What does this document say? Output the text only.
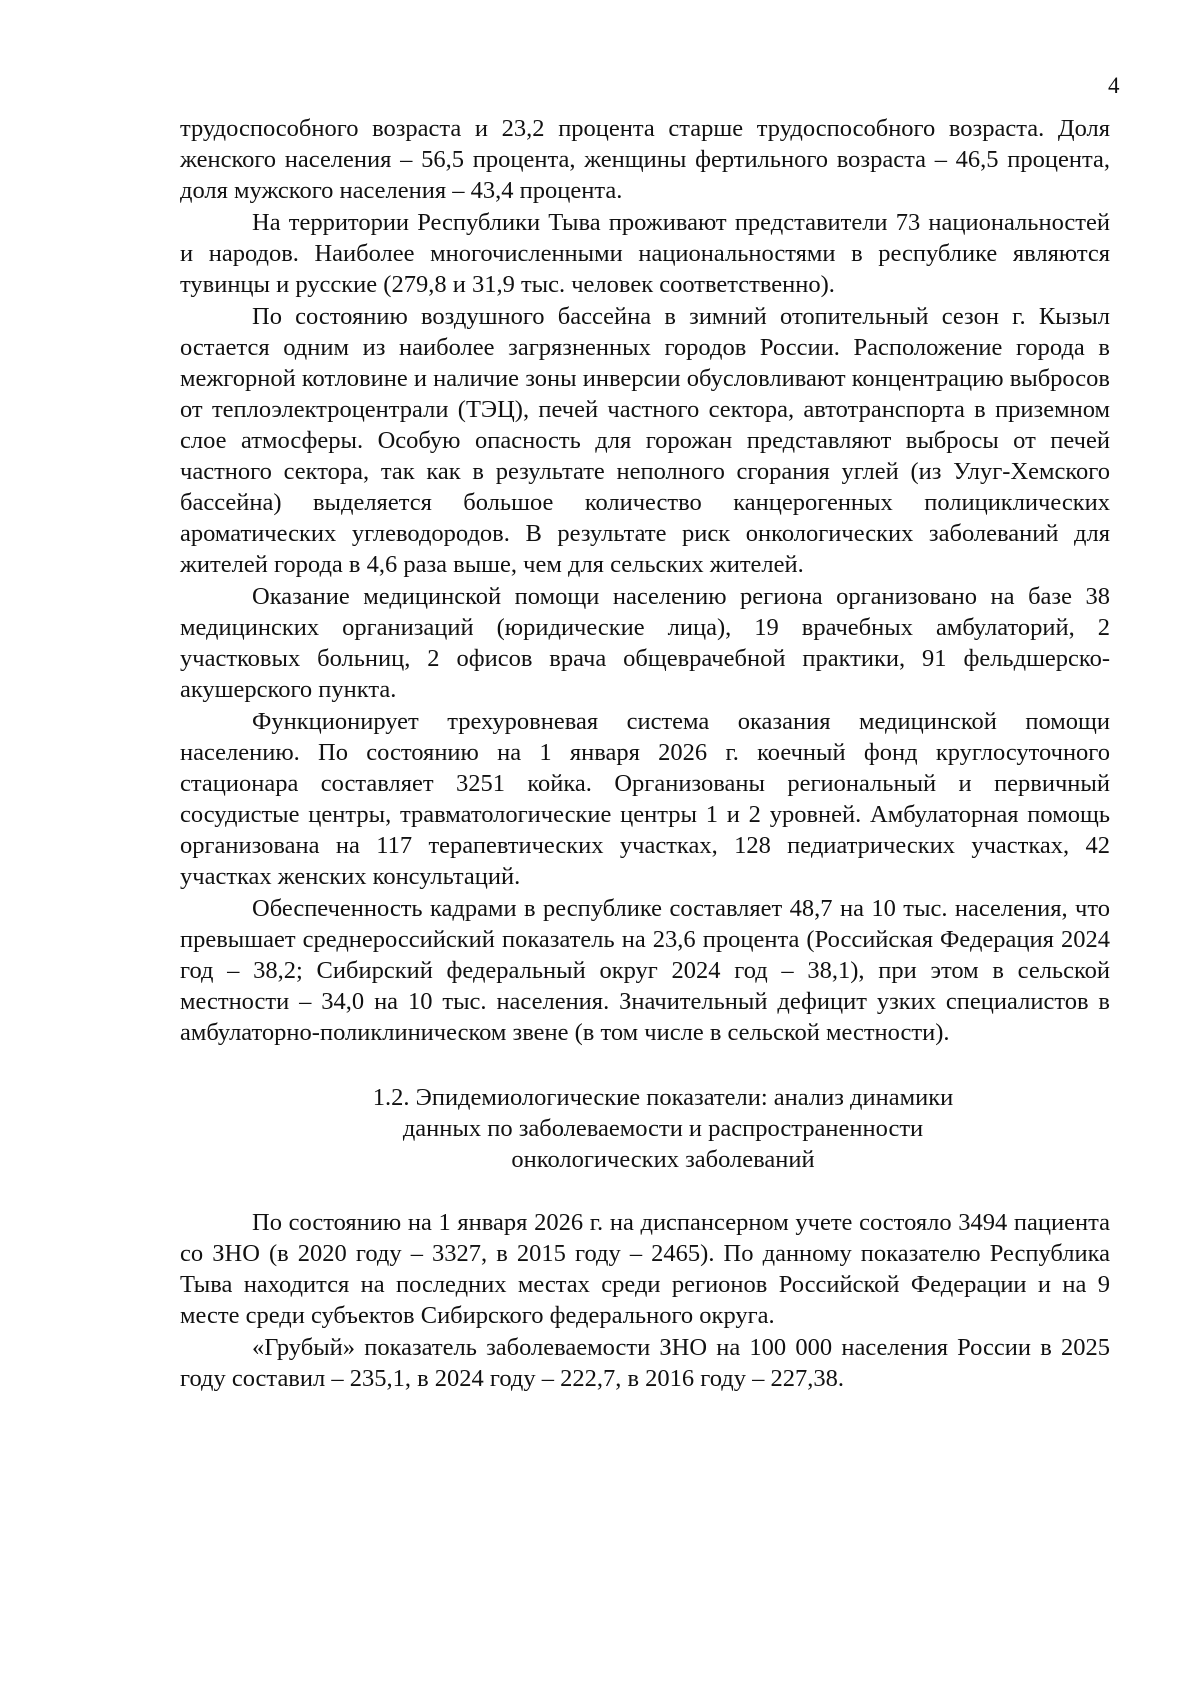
4

трудоспособного возраста и 23,2 процента старше трудоспособного возраста. Доля женского населения – 56,5 процента, женщины фертильного возраста – 46,5 процента, доля мужского населения – 43,4 процента.

На территории Республики Тыва проживают представители 73 национальностей и народов. Наиболее многочисленными национальностями в республике являются тувинцы и русские (279,8 и 31,9 тыс. человек соответственно).

По состоянию воздушного бассейна в зимний отопительный сезон г. Кызыл остается одним из наиболее загрязненных городов России. Расположение города в межгорной котловине и наличие зоны инверсии обусловливают концентрацию выбросов от теплоэлектроцентрали (ТЭЦ), печей частного сектора, автотранспорта в приземном слое атмосферы. Особую опасность для горожан представляют выбросы от печей частного сектора, так как в результате неполного сгорания углей (из Улуг-Хемского бассейна) выделяется большое количество канцерогенных полициклических ароматических углеводородов. В результате риск онкологических заболеваний для жителей города в 4,6 раза выше, чем для сельских жителей.

Оказание медицинской помощи населению региона организовано на базе 38 медицинских организаций (юридические лица), 19 врачебных амбулаторий, 2 участковых больниц, 2 офисов врача общеврачебной практики, 91 фельдшерско-акушерского пункта.

Функционирует трехуровневая система оказания медицинской помощи населению. По состоянию на 1 января 2026 г. коечный фонд круглосуточного стационара составляет 3251 койка. Организованы региональный и первичный сосудистые центры, травматологические центры 1 и 2 уровней. Амбулаторная помощь организована на 117 терапевтических участках, 128 педиатрических участках, 42 участках женских консультаций.

Обеспеченность кадрами в республике составляет 48,7 на 10 тыс. населения, что превышает среднероссийский показатель на 23,6 процента (Российская Федерация 2024 год – 38,2; Сибирский федеральный округ 2024 год – 38,1), при этом в сельской местности – 34,0 на 10 тыс. населения. Значительный дефицит узких специалистов в амбулаторно-поликлиническом звене (в том числе в сельской местности).

1.2. Эпидемиологические показатели: анализ динамики

данных по заболеваемости и распространенности

онкологических заболеваний

По состоянию на 1 января 2026 г. на диспансерном учете состояло 3494 пациента со ЗНО (в 2020 году – 3327, в 2015 году – 2465). По данному показателю Республика Тыва находится на последних местах среди регионов Российской Федерации и на 9 месте среди субъектов Сибирского федерального округа.

«Грубый» показатель заболеваемости ЗНО на 100 000 населения России в 2025 году составил – 235,1, в 2024 году – 222,7, в 2016 году – 227,38.
